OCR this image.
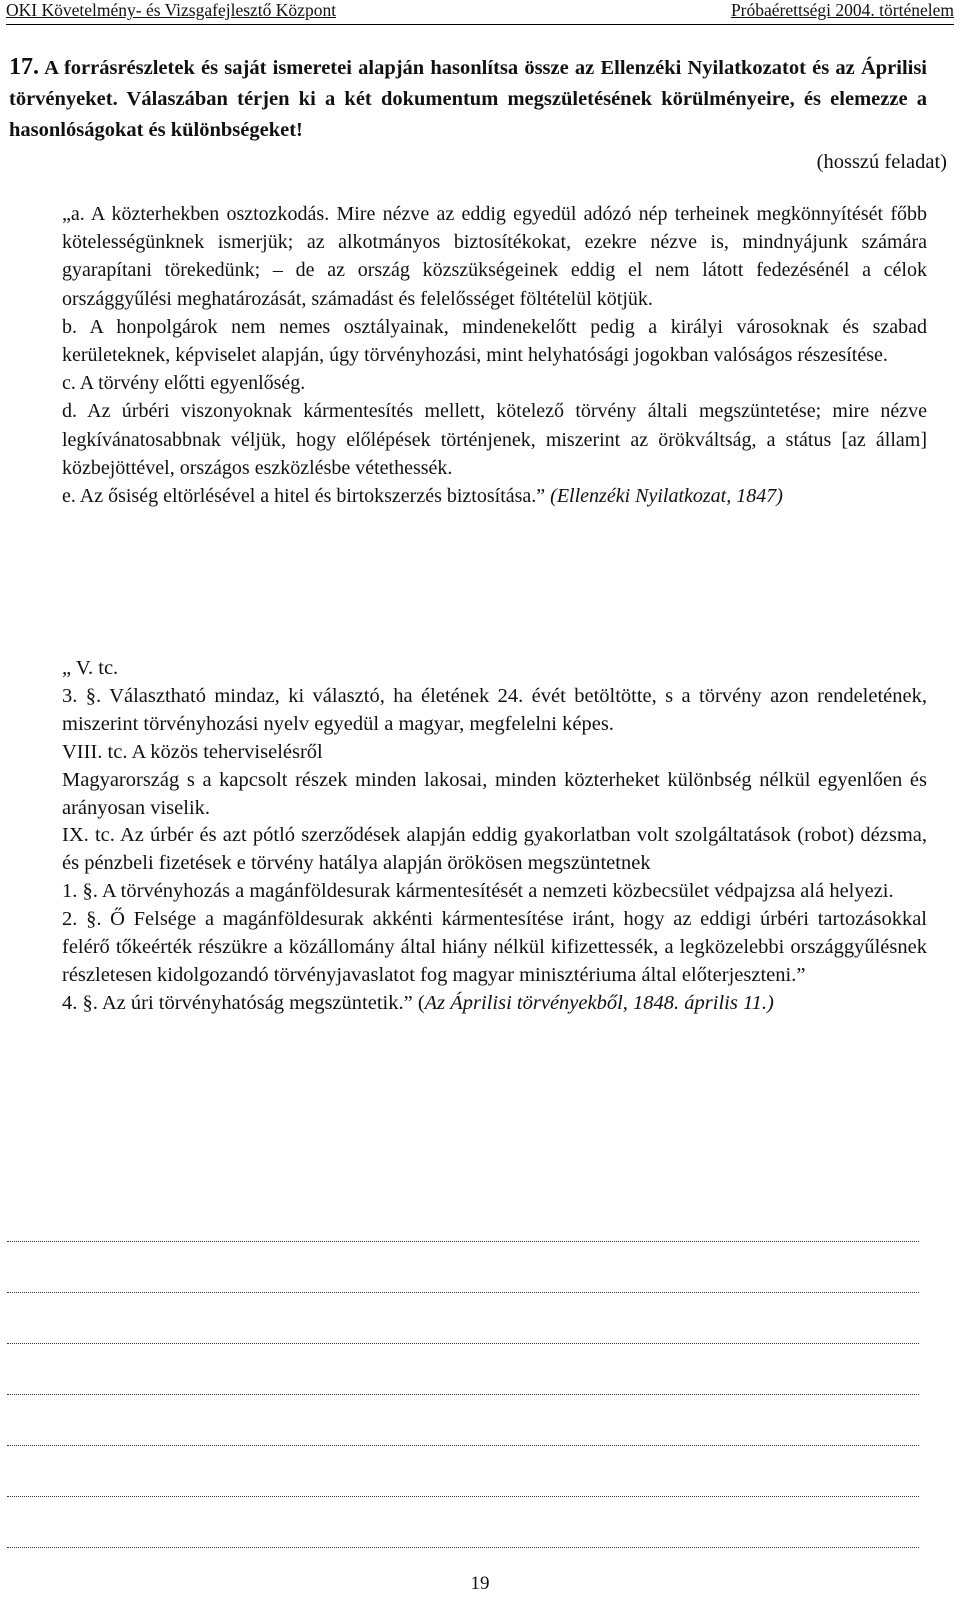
OKI Követelmény- és Vizsgafejlesztő Központ	Próbaérettségi 2004. történelem
17. A forrásrészletek és saját ismeretei alapján hasonlítsa össze az Ellenzéki Nyilatkozatot és az Áprilisi törvényeket. Válaszában térjen ki a két dokumentum megszületésének körülményeire, és elemezze a hasonlóságokat és különbségeket!
(hosszú feladat)

„a. A közterhekben osztozkodás. Mire nézve az eddig egyedül adózó nép terheinek megkönnyítését főbb kötelességünknek ismerjük; az alkotmányos biztosítékokat, ezekre nézve is, mindnyájunk számára gyarapítani törekedünk; – de az ország közszükségeinek eddig el nem látott fedezésénél a célok országgyűlési meghatározását, számadást és felelősséget föltételül kötjük.

b. A honpolgárok nem nemes osztályainak, mindenekelőtt pedig a királyi városoknak és szabad kerületeknek, képviselet alapján, úgy törvényhozási, mint helyhatósági jogokban valóságos részesítése.

c. A törvény előtti egyenlőség.

d. Az úrbéri viszonyoknak kármentesítés mellett, kötelező törvény általi megszüntetése; mire nézve legkívánatosabbnak véljük, hogy előlépések történjenek, miszerint az örökváltság, a státus [az állam] közbejöttével, országos eszközlésbe vétethessék.

e. Az ősiség eltörlésével a hitel és birtokszerzés biztosítása.” (Ellenzéki Nyilatkozat, 1847)

„ V. tc.

3. §. Választható mindaz, ki választó, ha életének 24. évét betöltötte, s a törvény azon rendeletének, miszerint törvényhozási nyelv egyedül a magyar, megfelelni képes.

VIII. tc. A közös teherviselésről

Magyarország s a kapcsolt részek minden lakosai, minden közterheket különbség nélkül egyenlően és arányosan viselik.

IX. tc. Az úrbér és azt pótló szerződések alapján eddig gyakorlatban volt szolgáltatások (robot) dézsma, és pénzbeli fizetések e törvény hatálya alapján örökösen megszüntetnek

1. §. A törvényhozás a magánföldesurak kármentesítését a nemzeti közbecsület védpajzsa alá helyezi.

2. §. Ő Felsége a magánföldesurak akkénti kármentesítése iránt, hogy az eddigi úrbéri tartozásokkal felérő tőkeérték részükre a közállomány által hiány nélkül kifizettessék, a legközelebbi országgyűlésnek részletesen kidolgozandó törvényjavaslatot fog magyar minisztériuma által előterjeszteni.”

4. §. Az úri törvényhatóság megszüntetik.” (Az Áprilisi törvényekből, 1848. április 11.)

19
